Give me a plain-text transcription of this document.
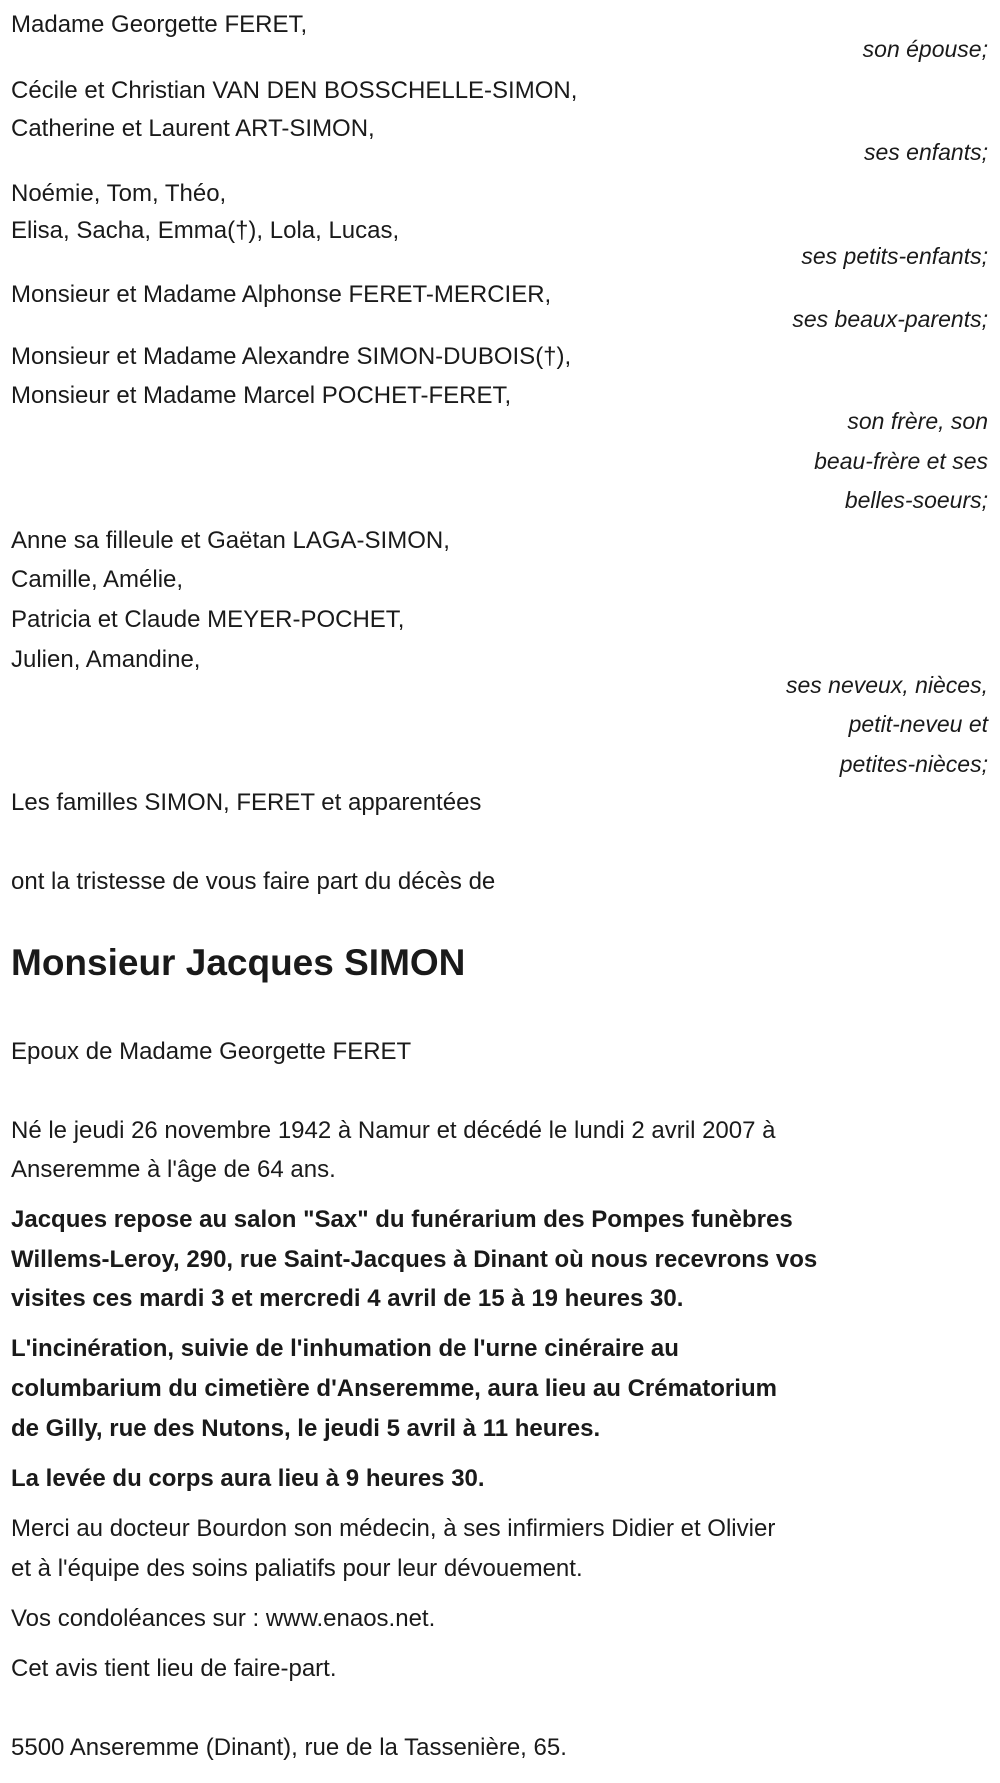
Madame Georgette FERET,
son épouse;
Cécile et Christian VAN DEN BOSSCHELLE-SIMON,
Catherine et Laurent ART-SIMON,
ses enfants;
Noémie, Tom, Théo,
Elisa, Sacha, Emma(†), Lola, Lucas,
ses petits-enfants;
Monsieur et Madame Alphonse FERET-MERCIER,
ses beaux-parents;
Monsieur et Madame Alexandre SIMON-DUBOIS(†),
Monsieur et Madame Marcel POCHET-FERET,
son frère, son
beau-frère et ses
belles-soeurs;
Anne sa filleule et Gaëtan LAGA-SIMON,
Camille, Amélie,
Patricia et Claude MEYER-POCHET,
Julien, Amandine,
ses neveux, nièces,
petit-neveu et
petites-nièces;
Les familles SIMON, FERET et apparentées
ont la tristesse de vous faire part du décès de
Monsieur Jacques SIMON
Epoux de Madame Georgette FERET
Né le jeudi 26 novembre 1942 à Namur et décédé le lundi 2 avril 2007 à
Anseremme à l'âge de 64 ans.
Jacques repose au salon "Sax" du funérarium des Pompes funèbres
Willems-Leroy, 290, rue Saint-Jacques à Dinant où nous recevrons vos
visites ces mardi 3 et mercredi 4 avril de 15 à 19 heures 30.
L'incinération, suivie de l'inhumation de l'urne cinéraire au
columbarium du cimetière d'Anseremme, aura lieu au Crématorium
de Gilly, rue des Nutons, le jeudi 5 avril à 11 heures.
La levée du corps aura lieu à 9 heures 30.
Merci au docteur Bourdon son médecin, à ses infirmiers Didier et Olivier
et à l'équipe des soins paliatifs pour leur dévouement.
Vos condoléances sur : www.enaos.net.
Cet avis tient lieu de faire-part.
5500 Anseremme (Dinant), rue de la Tassenière, 65.
